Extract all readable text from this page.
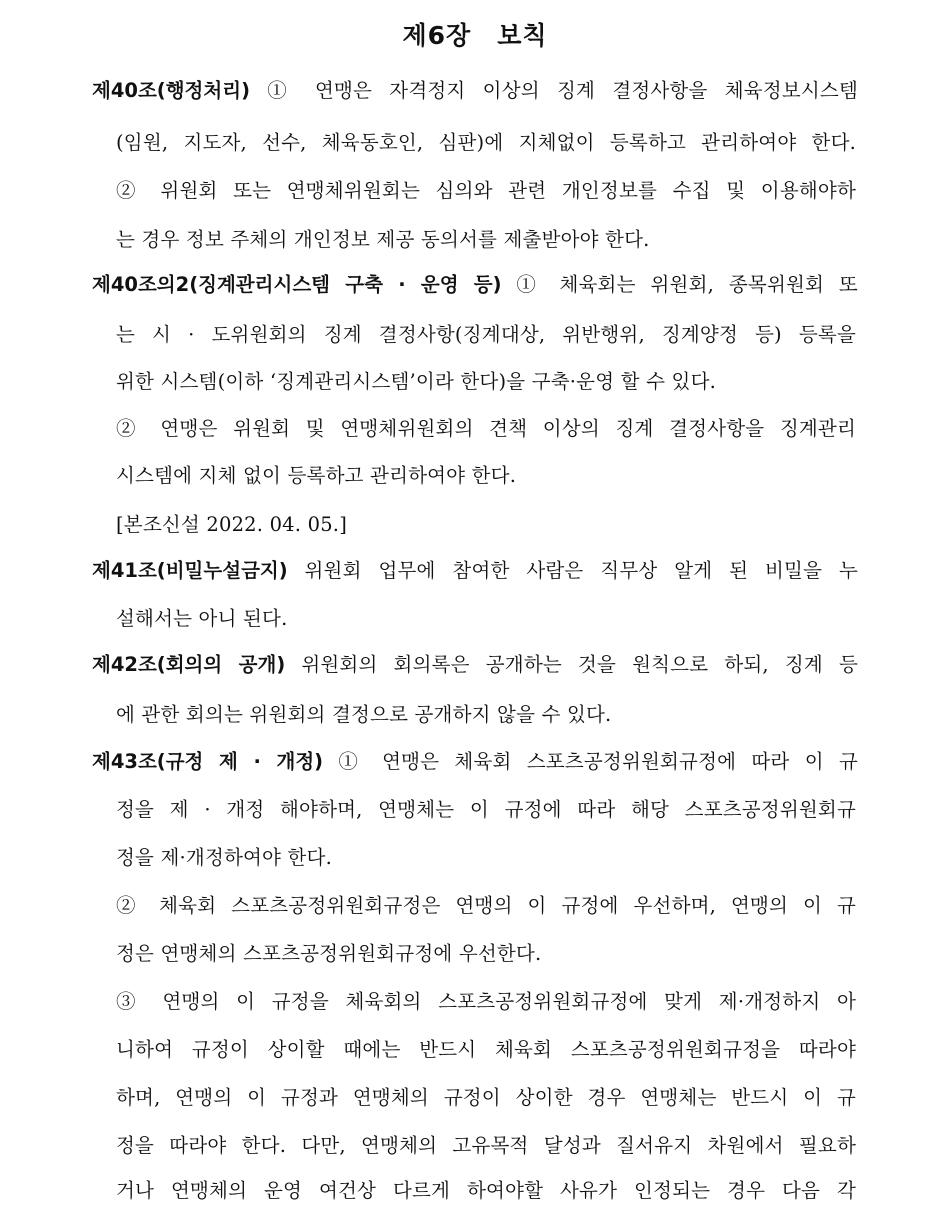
제6장 보칙
제40조(행정처리) ① 연맹은 자격정지 이상의 징계 결정사항을 체육정보시스템
(임원, 지도자, 선수, 체육동호인, 심판)에 지체없이 등록하고 관리하여야 한다.
② 위원회 또는 연맹체위원회는 심의와 관련 개인정보를 수집 및 이용해야하
는 경우 정보 주체의 개인정보 제공 동의서를 제출받아야 한다.
제40조의2(징계관리시스템 구축 · 운영 등) ① 체육회는 위원회, 종목위원회 또
는 시 · 도위원회의 징계 결정사항(징계대상, 위반행위, 징계양정 등) 등록을
위한 시스템(이하 ‘징계관리시스템’이라 한다)을 구축·운영 할 수 있다.
② 연맹은 위원회 및 연맹체위원회의 견책 이상의 징계 결정사항을 징계관리
시스템에 지체 없이 등록하고 관리하여야 한다.
[본조신설 2022. 04. 05.]
제41조(비밀누설금지) 위원회 업무에 참여한 사람은 직무상 알게 된 비밀을 누
설해서는 아니 된다.
제42조(회의의 공개) 위원회의 회의록은 공개하는 것을 원칙으로 하되, 징계 등
에 관한 회의는 위원회의 결정으로 공개하지 않을 수 있다.
제43조(규정 제 · 개정) ① 연맹은 체육회 스포츠공정위원회규정에 따라 이 규
정을 제 · 개정 해야하며, 연맹체는 이 규정에 따라 해당 스포츠공정위원회규
정을 제·개정하여야 한다.
② 체육회 스포츠공정위원회규정은 연맹의 이 규정에 우선하며, 연맹의 이 규
정은 연맹체의 스포츠공정위원회규정에 우선한다.
③ 연맹의 이 규정을 체육회의 스포츠공정위원회규정에 맞게 제·개정하지 아
니하여 규정이 상이할 때에는 반드시 체육회 스포츠공정위원회규정을 따라야
하며, 연맹의 이 규정과 연맹체의 규정이 상이한 경우 연맹체는 반드시 이 규
정을 따라야 한다. 다만, 연맹체의 고유목적 달성과 질서유지 차원에서 필요하
거나 연맹체의 운영 여건상 다르게 하여야할 사유가 인정되는 경우 다음 각
